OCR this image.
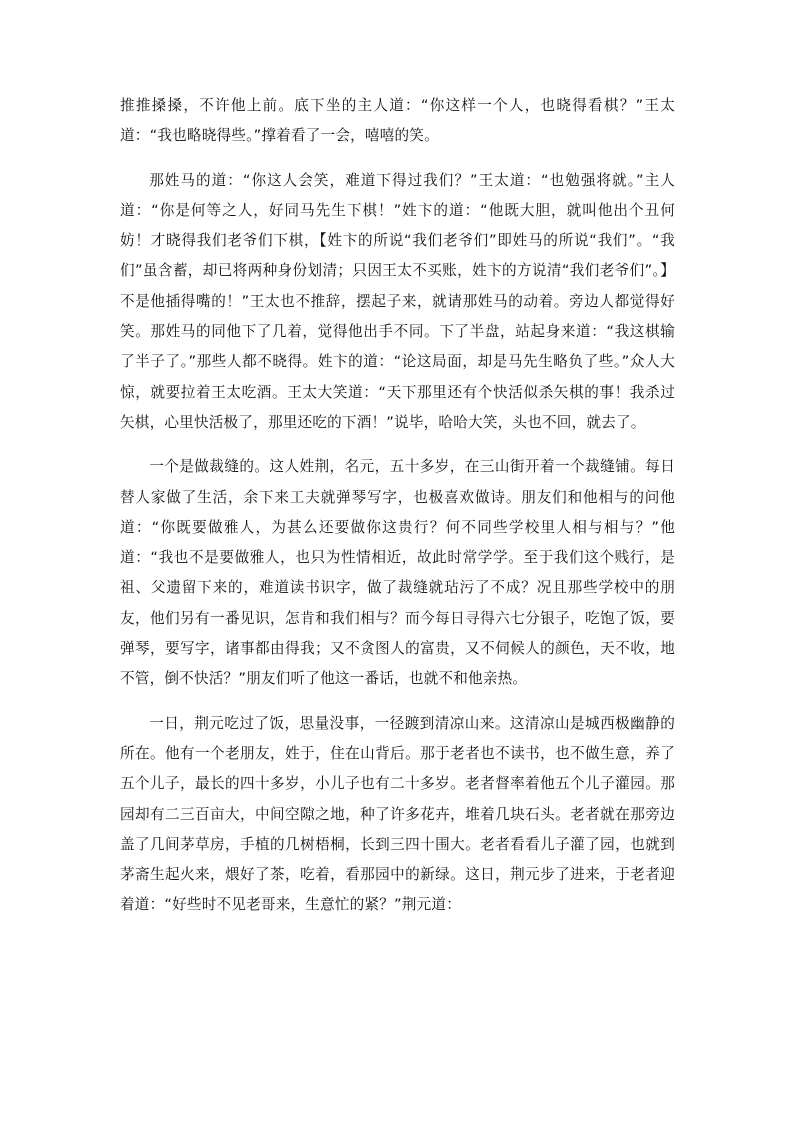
推推搡搡，不许他上前。底下坐的主人道：“你这样一个人，也晓得看棋？”王太道：“我也略晓得些。”撑着看了一会，嘻嘻的笑。

那姓马的道：“你这人会笑，难道下得过我们？”王太道：“也勉强将就。”主人道：“你是何等之人，好同马先生下棋！”姓卞的道：“他既大胆，就叫他出个丑何妨！才晓得我们老爷们下棋，【姓卞的所说“我们老爷们”即姓马的所说“我们”。“我们”虽含蓄，却已将两种身份划清；只因王太不买账，姓卞的方说清“我们老爷们”。】不是他插得嘴的！”王太也不推辞，摆起子来，就请那姓马的动着。旁边人都觉得好笑。那姓马的同他下了几着，觉得他出手不同。下了半盘，站起身来道：“我这棋输了半子了。”那些人都不晓得。姓卞的道：“论这局面，却是马先生略负了些。”众人大惊，就要拉着王太吃酒。王太大笑道：“天下那里还有个快活似杀矢棋的事！我杀过矢棋，心里快活极了，那里还吃的下酒！”说毕，哈哈大笑，头也不回，就去了。

一个是做裁缝的。这人姓荆，名元，五十多岁，在三山街开着一个裁缝铺。每日替人家做了生活，余下来工夫就弹琴写字，也极喜欢做诗。朋友们和他相与的问他道：“你既要做雅人，为甚么还要做你这贵行？何不同些学校里人相与相与？”他道：“我也不是要做雅人，也只为性情相近，故此时常学学。至于我们这个贱行，是祖、父遗留下来的，难道读书识字，做了裁缝就玷污了不成？况且那些学校中的朋友，他们另有一番见识，怎肯和我们相与？而今每日寻得六七分银子，吃饱了饭，要弹琴，要写字，诸事都由得我；又不贪图人的富贵，又不伺候人的颜色，天不收，地不管，倒不快活？”朋友们听了他这一番话，也就不和他亲热。

一日，荆元吃过了饭，思量没事，一径踱到清凉山来。这清凉山是城西极幽静的所在。他有一个老朋友，姓于，住在山背后。那于老者也不读书，也不做生意，养了五个儿子，最长的四十多岁，小儿子也有二十多岁。老者督率着他五个儿子灌园。那园却有二三百亩大，中间空隙之地，种了许多花卉，堆着几块石头。老者就在那旁边盖了几间茅草房，手植的几树梧桐，长到三四十围大。老者看看儿子灌了园，也就到茅斋生起火来，煨好了茶，吃着，看那园中的新绿。这日，荆元步了进来，于老者迎着道：“好些时不见老哥来，生意忙的紧？”荆元道：
